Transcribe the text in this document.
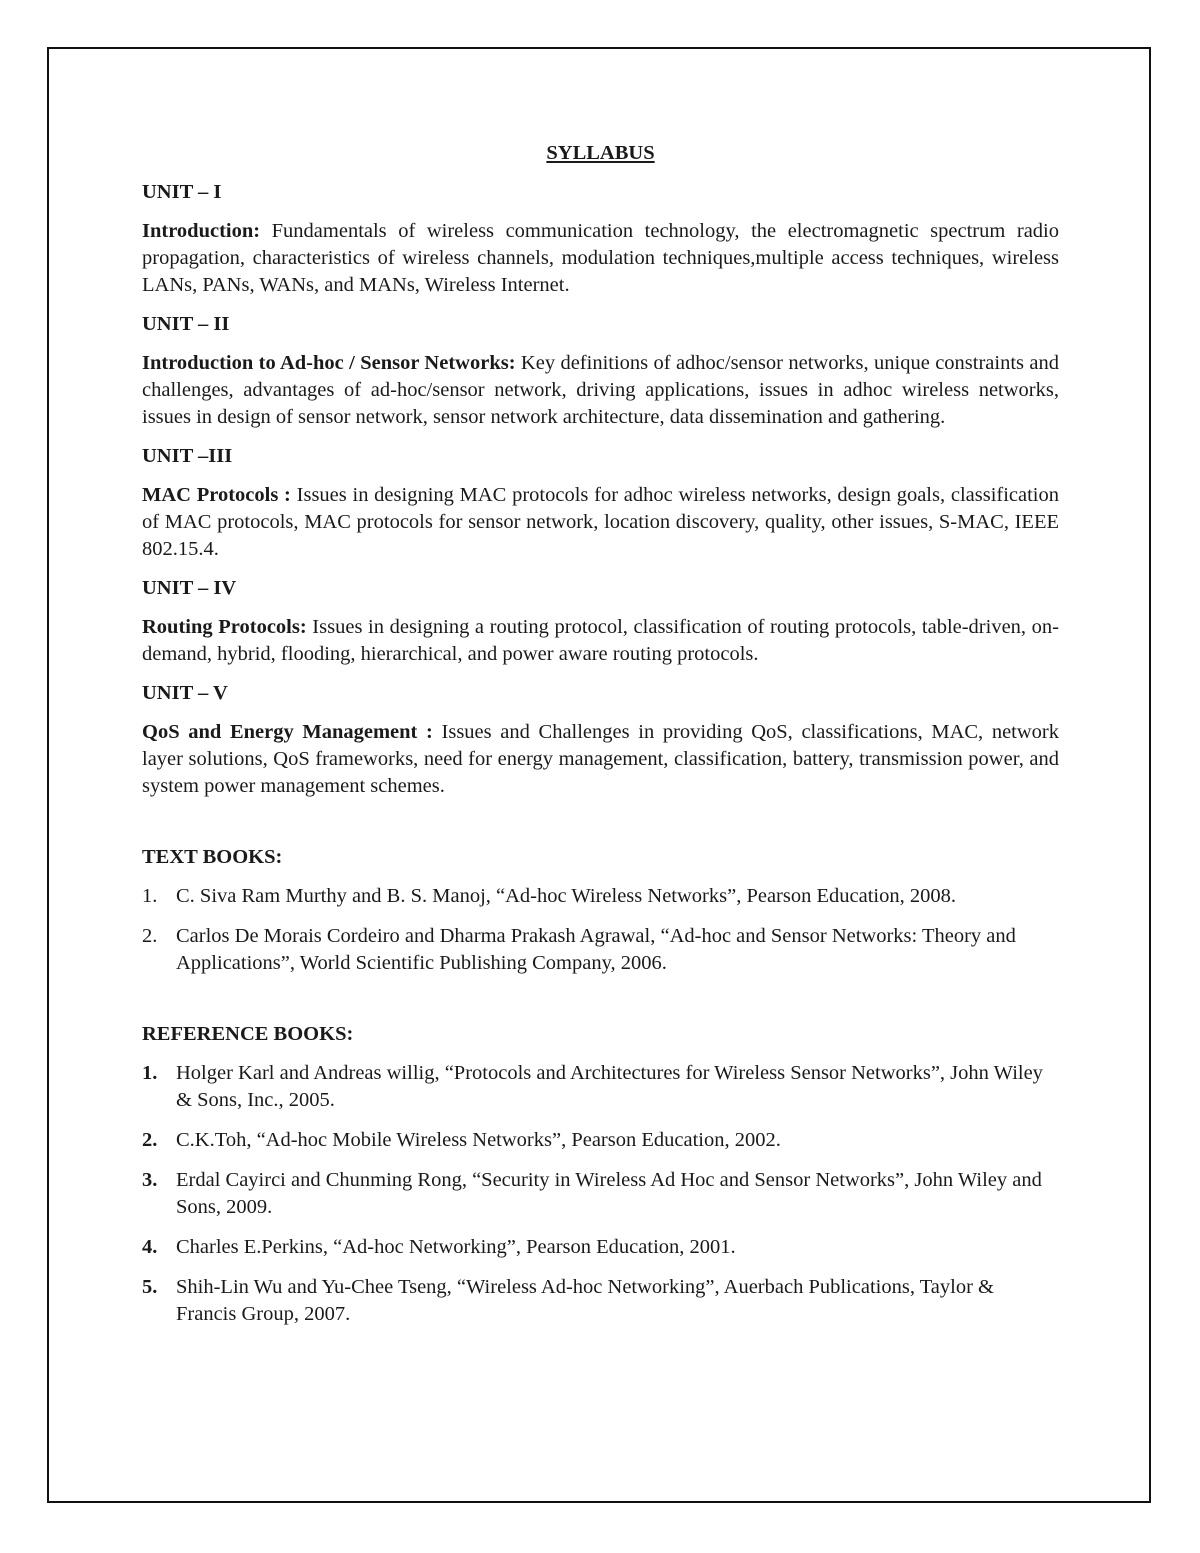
SYLLABUS
UNIT – I
Introduction: Fundamentals of wireless communication technology, the electromagnetic spectrum radio propagation, characteristics of wireless channels, modulation techniques,multiple access techniques, wireless LANs, PANs, WANs, and MANs, Wireless Internet.
UNIT – II
Introduction to Ad-hoc / Sensor Networks: Key definitions of adhoc/sensor networks, unique constraints and challenges, advantages of ad-hoc/sensor network, driving applications, issues in adhoc wireless networks, issues in design of sensor network, sensor network architecture, data dissemination and gathering.
UNIT –III
MAC Protocols : Issues in designing MAC protocols for adhoc wireless networks, design goals, classification of MAC protocols, MAC protocols for sensor network, location discovery, quality, other issues, S-MAC, IEEE 802.15.4.
UNIT – IV
Routing Protocols: Issues in designing a routing protocol, classification of routing protocols, table-driven, on-demand, hybrid, flooding, hierarchical, and power aware routing protocols.
UNIT – V
QoS and Energy Management : Issues and Challenges in providing QoS, classifications, MAC, network layer solutions, QoS frameworks, need for energy management, classification, battery, transmission power, and system power management schemes.
TEXT BOOKS:
1. C. Siva Ram Murthy and B. S. Manoj, “Ad-hoc Wireless Networks”, Pearson Education, 2008.
2. Carlos De Morais Cordeiro and Dharma Prakash Agrawal, “Ad-hoc and Sensor Networks: Theory and Applications”, World Scientific Publishing Company, 2006.
REFERENCE BOOKS:
1. Holger Karl and Andreas willig, “Protocols and Architectures for Wireless Sensor Networks”, John Wiley & Sons, Inc., 2005.
2. C.K.Toh, “Ad-hoc Mobile Wireless Networks”, Pearson Education, 2002.
3. Erdal Cayirci and Chunming Rong, “Security in Wireless Ad Hoc and Sensor Networks”, John Wiley and Sons, 2009.
4. Charles E.Perkins, “Ad-hoc Networking”, Pearson Education, 2001.
5. Shih-Lin Wu and Yu-Chee Tseng, “Wireless Ad-hoc Networking”, Auerbach Publications, Taylor & Francis Group, 2007.
